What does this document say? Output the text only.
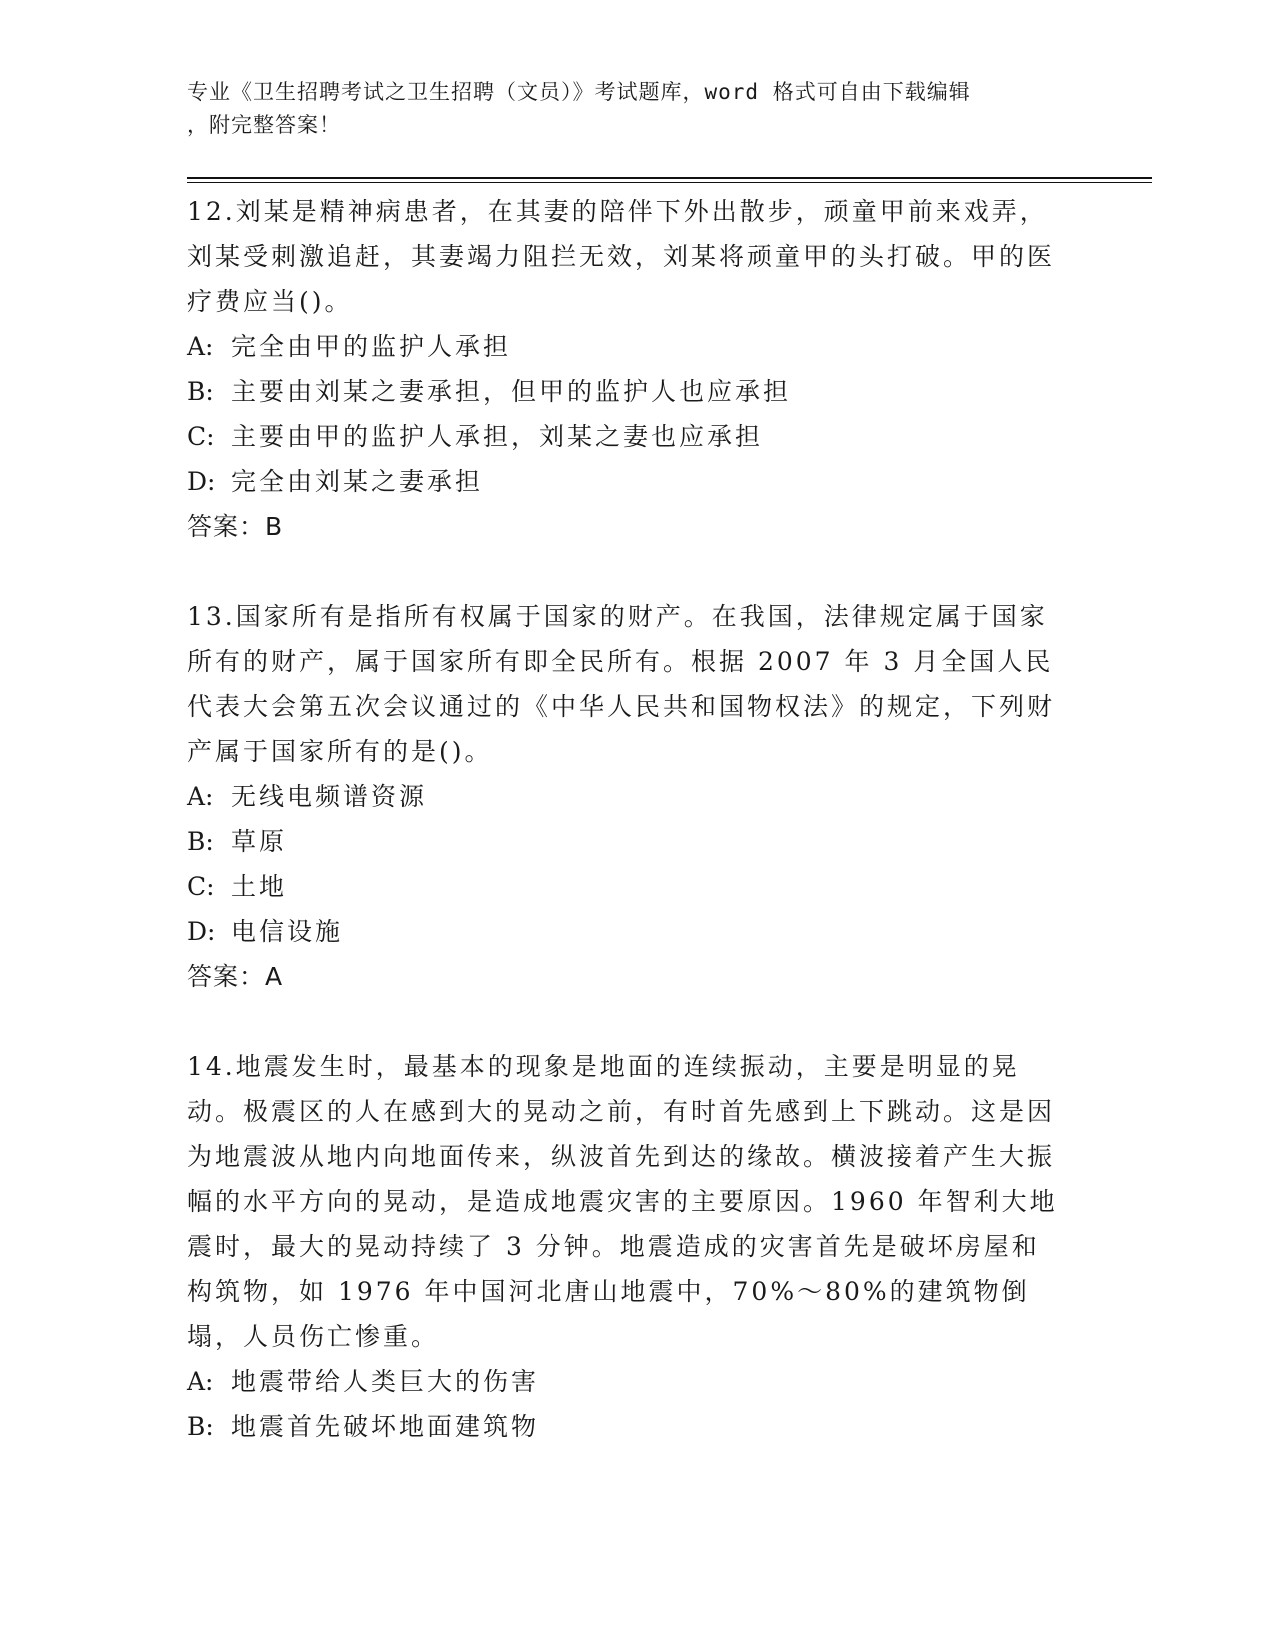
专业《卫生招聘考试之卫生招聘（文员）》考试题库，word 格式可自由下载编辑
，附完整答案！

12.刘某是精神病患者，在其妻的陪伴下外出散步，顽童甲前来戏弄，刘某受刺激追赶，其妻竭力阻拦无效，刘某将顽童甲的头打破。甲的医疗费应当()。

A: 完全由甲的监护人承担

B: 主要由刘某之妻承担，但甲的监护人也应承担

C: 主要由甲的监护人承担，刘某之妻也应承担

D: 完全由刘某之妻承担

答案：B

13.国家所有是指所有权属于国家的财产。在我国，法律规定属于国家所有的财产，属于国家所有即全民所有。根据 2007 年 3 月全国人民代表大会第五次会议通过的《中华人民共和国物权法》的规定，下列财产属于国家所有的是()。

A: 无线电频谱资源

B: 草原

C: 土地

D: 电信设施

答案：A

14.地震发生时，最基本的现象是地面的连续振动，主要是明显的晃动。极震区的人在感到大的晃动之前，有时首先感到上下跳动。这是因为地震波从地内向地面传来，纵波首先到达的缘故。横波接着产生大振幅的水平方向的晃动，是造成地震灾害的主要原因。1960 年智利大地震时，最大的晃动持续了 3 分钟。地震造成的灾害首先是破坏房屋和构筑物，如 1976 年中国河北唐山地震中，70%～80%的建筑物倒塌，人员伤亡惨重。

A: 地震带给人类巨大的伤害

B: 地震首先破坏地面建筑物
